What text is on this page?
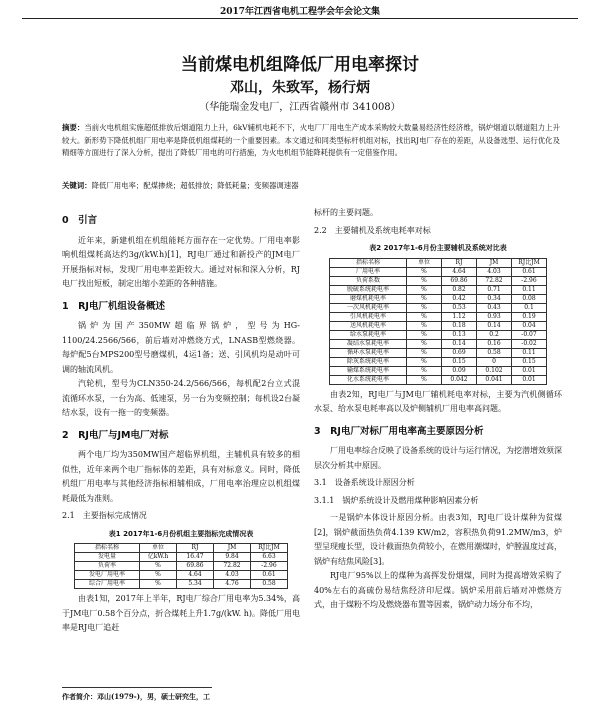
2017年江西省电机工程学会年会论文集
当前煤电机组降低厂用电率探讨
邓山，朱致军，杨行炳
（华能瑞金发电厂，江西省赣州市 341008）

摘要：当前火电机组实施超低排放后烟道阻力上升，6kV辅机电耗不下，火电厂厂用电生产成本采购较大数量易经济性经济维，锅炉烟道以烟道阻力上升较大。新形势下降低机组厂用电率是降低机组煤耗的一个重要因素。本文通过和同类型标杆机组对标，找出RJ电厂存在的差距，从设备选型、运行优化及精细等方面进行了深入分析，提出了降低厂用电的可行措施，为火电机组节能降耗提供有一定借鉴作用。

关键词：降低厂用电率；配煤掺烧；超低排放；降低耗量；变频器调速器

0　引言

近年来，新建机组在机组能耗方面存在一定优势。厂用电率影响机组煤耗高达约3g/(kW.h)[1]，RJ电厂通过和新投产的JM电厂开展指标对标，发现厂用电率差距较大。通过对标和深入分析，RJ电厂找出短板，制定出缩小差距的各种措施。

1　RJ电厂机组设备概述

锅炉为国产350MW超临界锅炉，型号为HG-1100/24.2566/566，前后墙对冲燃烧方式，LNASB型燃烧器。每炉配5台MPS200型号磨煤机，4运1备；送、引风机均是动叶可调的轴流风机。

汽轮机，型号为CLN350-24.2/566/566，每机配2台立式混流循环水泵，一台为高、低速泵，另一台为变频控制；每机设2台凝结水泵，设有一拖一的变频器。

2　RJ电厂与JM电厂对标

两个电厂均为350MW国产超临界机组，主辅机具有较多的相似性，近年来两个电厂指标体的差距，具有对标意义。同时，降低机组厂用电率与其他经济指标相辅相成，厂用电率治理应以机组煤耗最低为准则。

2.1　主要指标完成情况
表1 2017年1-6月份机组主要指标完成情况表
指标名称	单位	RJ	JM	RJ比JM
发电量	亿kW.h	16.47	9.84	6.63
负荷率	%	69.86	72.82	-2.96
发电厂用电率	%	4.64	4.03	0.61
综合厂用电率	%	5.34	4.76	0.58

由表1知，2017年上半年，RJ电厂综合厂用电率为5.34%，高于JM电厂0.58个百分点，折合煤耗上升1.7g/(kW. h)。降低厂用电率是RJ电厂追赶

标杆的主要问题。

2.2　主要辅机及系统电耗率对标
表2 2017年1-6月份主要辅机及系统对比表
指标名称	单位	RJ	JM	RJ比JM
厂用电率	%	4.64	4.03	0.61
负荷系数	%	69.86	72.82	-2.96
脱硫系统耗电率	%	0.82	0.71	0.11
磨煤机耗电率	%	0.42	0.34	0.08
一次风机耗电率	%	0.53	0.43	0.1
引风机耗电率	%	1.12	0.93	0.19
送风机耗电率	%	0.18	0.14	0.04
给水泵耗电率	%	0.13	0.2	-0.07
凝结水泵耗电率	%	0.14	0.16	-0.02
循环水泵耗电率	%	0.69	0.58	0.11
除灰系统耗电率	%	0.15	0	0.15
输煤系统耗电率	%	0.09	0.102	0.01
化水系统耗电率	%	0.042	0.041	0.01

由表2知，RJ电厂与JM电厂辅机耗电率对标，主要为汽机侧循环水泵、给水泵电耗率高以及炉侧辅机厂用电率高问题。

3　RJ电厂对标厂用电率高主要原因分析

厂用电率综合反映了设备系统的设计与运行情况，为挖潜增效须深层次分析其中原因。

3.1　设备系统设计原因分析
3.1.1　锅炉系统设计及燃用煤种影响因素分析

一是锅炉本体设计原因分析。由表3知，RJ电厂设计煤种为贫煤[2]，锅炉截面热负荷4.139 KW/m2，容积热负荷91.2MW/m3，炉型呈现瘦长型，设计截面热负荷较小，在燃用潮煤时，炉膛温度过高，锅炉有结焦风险[3]。

RJ电厂95%以上的煤种为高挥发份烟煤，同时为提高增效采购了40%左右的高硫份易结焦经济印尼煤。锅炉采用前后墙对冲燃烧方式，由于煤粉不均及燃烧器布置等因素，锅炉动力场分布不均，

作者简介：邓山(1979-)，男，硕士研究生，工
